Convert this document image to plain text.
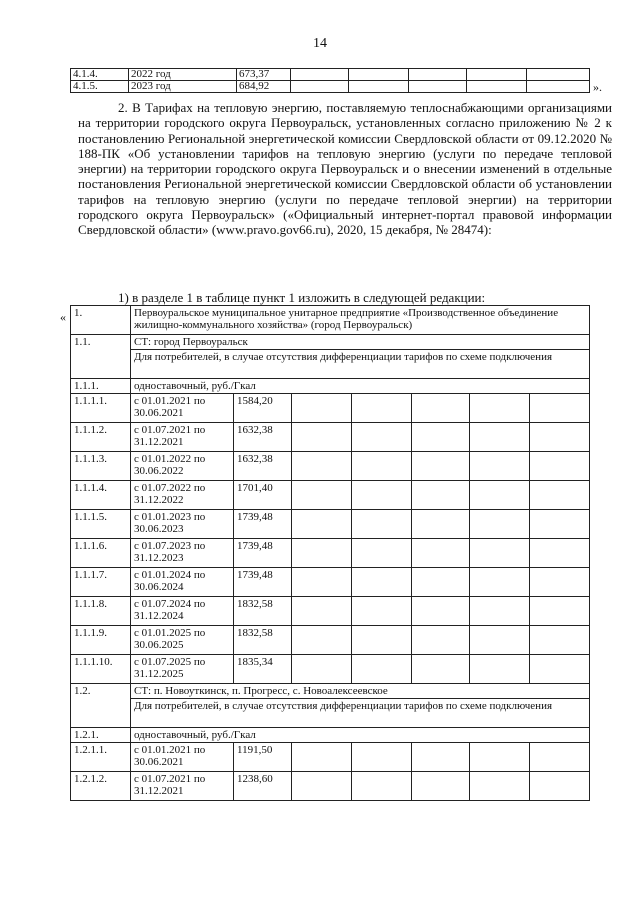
14
4.1.4.	2022 год	673,37					
4.1.5.	2023 год	684,92						».
2. В Тарифах на тепловую энергию, поставляемую теплоснабжающими организациями на территории городского округа Первоуральск, установленных согласно приложению № 2 к постановлению Региональной энергетической комиссии Свердловской области от 09.12.2020 № 188-ПК «Об установлении тарифов на тепловую энергию (услуги по передаче тепловой энергии) на территории городского округа Первоуральск и о внесении изменений в отдельные постановления Региональной энергетической комиссии Свердловской области об установлении тарифов на тепловую энергию (услуги по передаче тепловой энергии) на территории городского округа Первоуральск» («Официальный интернет-портал правовой информации Свердловской области» (www.pravo.gov66.ru), 2020, 15 декабря, № 28474):
1) в разделе 1 в таблице пункт 1 изложить в следующей редакции:
« 1.	Первоуральское муниципальное унитарное предприятие «Производственное объединение жилищно-коммунального хозяйства» (город Первоуральск)						
1.1.	СТ: город Первоуральск						
	Для потребителей, в случае отсутствия дифференциации тарифов по схеме подключения						
1.1.1.	одноставочный, руб./Гкал						
1.1.1.1.	с 01.01.2021 по 30.06.2021	1584,20					
1.1.1.2.	с 01.07.2021 по 31.12.2021	1632,38					
1.1.1.3.	с 01.01.2022 по 30.06.2022	1632,38					
1.1.1.4.	с 01.07.2022 по 31.12.2022	1701,40					
1.1.1.5.	с 01.01.2023 по 30.06.2023	1739,48					
1.1.1.6.	с 01.07.2023 по 31.12.2023	1739,48					
1.1.1.7.	с 01.01.2024 по 30.06.2024	1739,48					
1.1.1.8.	с 01.07.2024 по 31.12.2024	1832,58					
1.1.1.9.	с 01.01.2025 по 30.06.2025	1832,58					
1.1.1.10.	с 01.07.2025 по 31.12.2025	1835,34					
1.2.	СТ: п. Новоуткинск, п. Прогресс, с. Новоалексеевское						
	Для потребителей, в случае отсутствия дифференциации тарифов по схеме подключения						
1.2.1.	одноставочный, руб./Гкал						
1.2.1.1.	с 01.01.2021 по 30.06.2021	1191,50					
1.2.1.2.	с 01.07.2021 по 31.12.2021	1238,60					
